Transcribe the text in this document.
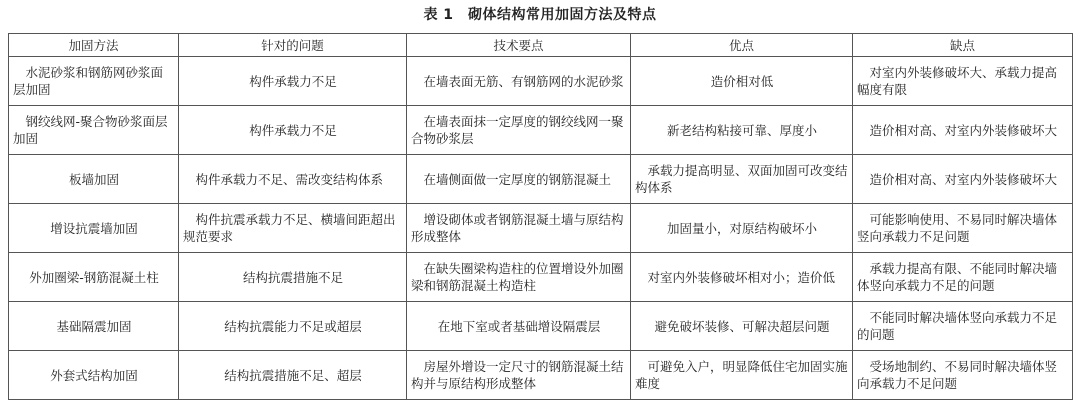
表 1　砌体结构常用加固方法及特点
加固方法	针对的问题	技术要点	优点	缺点
水泥砂浆和钢筋网砂浆面层加固	构件承载力不足	在墙表面无筋、有钢筋网的水泥砂浆	造价相对低	对室内外装修破坏大、承载力提高幅度有限
钢绞线网-聚合物砂浆面层加固	构件承载力不足	在墙表面抹一定厚度的钢绞线网一聚合物砂浆层	新老结构粘接可靠、厚度小	造价相对高、对室内外装修破坏大
板墙加固	构件承载力不足、需改变结构体系	在墙侧面做一定厚度的钢筋混凝土	承载力提高明显、双面加固可改变结构体系	造价相对高、对室内外装修破坏大
增设抗震墙加固	构件抗震承载力不足、横墙间距超出规范要求	增设砌体或者钢筋混凝土墙与原结构形成整体	加固量小，对原结构破坏小	可能影响使用、不易同时解决墙体竖向承载力不足问题
外加圈梁-钢筋混凝土柱	结构抗震措施不足	在缺失圈梁构造柱的位置增设外加圈梁和钢筋混凝土构造柱	对室内外装修破坏相对小；造价低	承载力提高有限、不能同时解决墙体竖向承载力不足的问题
基础隔震加固	结构抗震能力不足或超层	在地下室或者基础增设隔震层	避免破坏装修、可解决超层问题	不能同时解决墙体竖向承载力不足的问题
外套式结构加固	结构抗震措施不足、超层	房屋外增设一定尺寸的钢筋混凝土结构并与原结构形成整体	可避免入户，明显降低住宅加固实施难度	受场地制约、不易同时解决墙体竖向承载力不足问题
